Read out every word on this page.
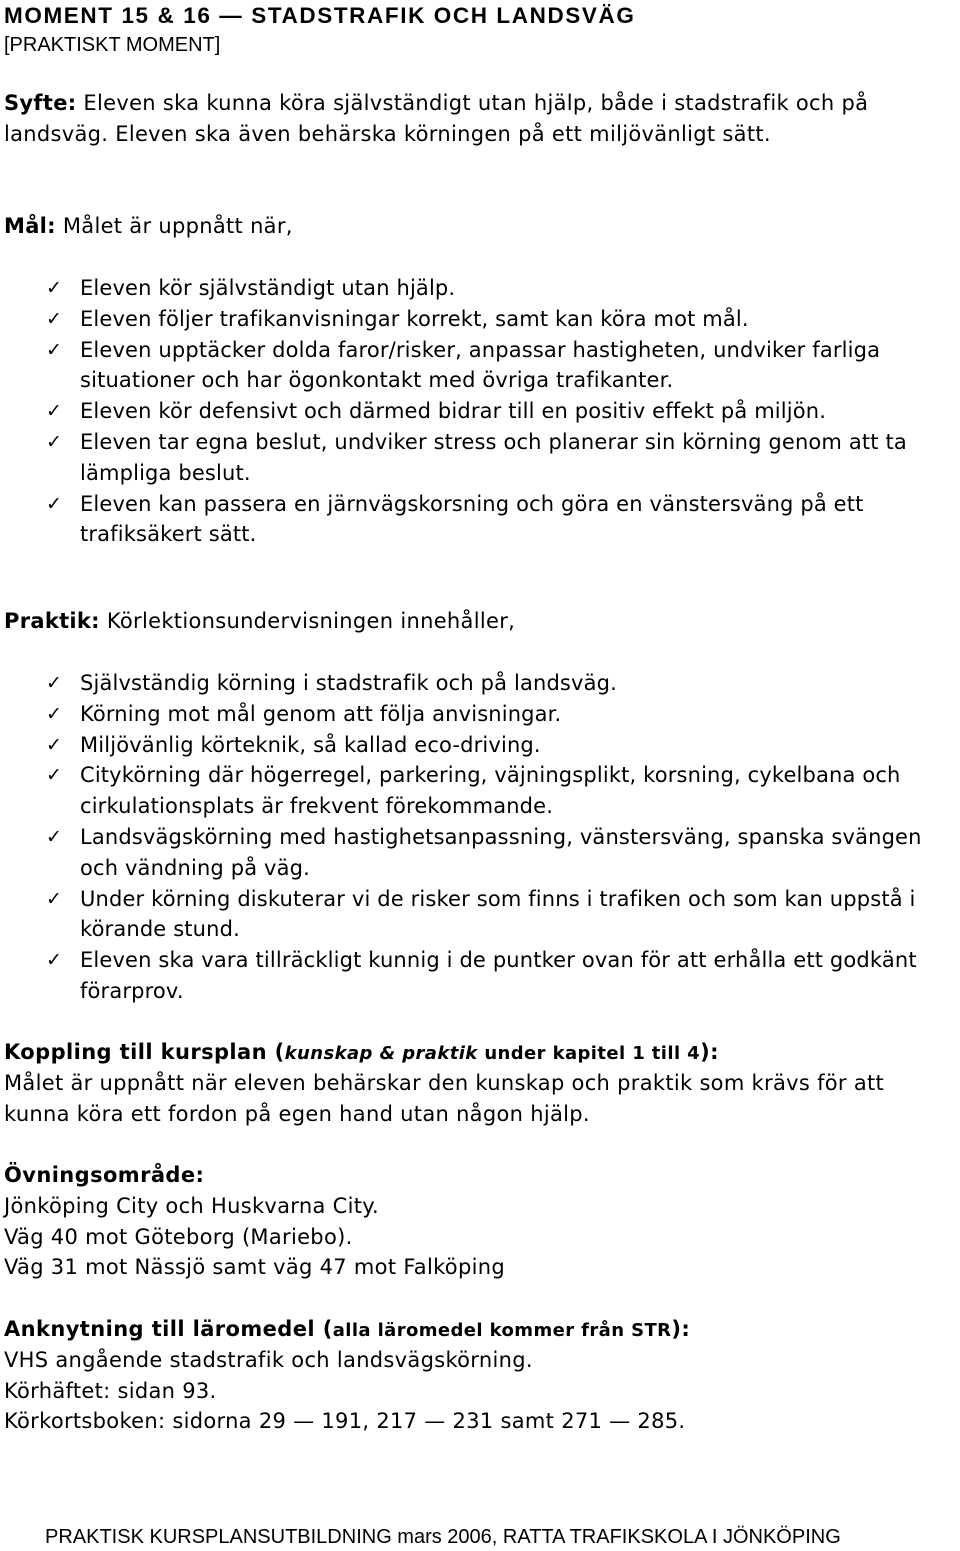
MOMENT 15 & 16 — STADSTRAFIK OCH LANDSVÄG
[PRAKTISKT MOMENT]
Syfte: Eleven ska kunna köra självständigt utan hjälp, både i stadstrafik och på landsväg. Eleven ska även behärska körningen på ett miljövänligt sätt.
Mål: Målet är uppnått när,
✓ Eleven kör självständigt utan hjälp.
✓ Eleven följer trafikanvisningar korrekt, samt kan köra mot mål.
✓ Eleven upptäcker dolda faror/risker, anpassar hastigheten, undviker farliga situationer och har ögonkontakt med övriga trafikanter.
✓ Eleven kör defensivt och därmed bidrar till en positiv effekt på miljön.
✓ Eleven tar egna beslut, undviker stress och planerar sin körning genom att ta lämpliga beslut.
✓ Eleven kan passera en järnvägskorsning och göra en vänstersväng på ett trafiksäkert sätt.
Praktik: Körlektionsundervisningen innehåller,
✓ Självständig körning i stadstrafik och på landsväg.
✓ Körning mot mål genom att följa anvisningar.
✓ Miljövänlig körteknik, så kallad eco-driving.
✓ Citykörning där högerregel, parkering, väjningsplikt, korsning, cykelbana och cirkulationsplats är frekvent förekommande.
✓ Landsvägskörning med hastighetsanpassning, vänstersväng, spanska svängen och vändning på väg.
✓ Under körning diskuterar vi de risker som finns i trafiken och som kan uppstå i körande stund.
✓ Eleven ska vara tillräckligt kunnig i de puntker ovan för att erhålla ett godkänt förarprov.
Koppling till kursplan (kunskap & praktik under kapitel 1 till 4):
Målet är uppnått när eleven behärskar den kunskap och praktik som krävs för att kunna köra ett fordon på egen hand utan någon hjälp.
Övningsområde:
Jönköping City och Huskvarna City.
Väg 40 mot Göteborg (Mariebo).
Väg 31 mot Nässjö samt väg 47 mot Falköping
Anknytning till läromedel (alla läromedel kommer från STR):
VHS angående stadstrafik och landsvägskörning.
Körhäftet: sidan 93.
Körkortsboken: sidorna 29 — 191, 217 — 231 samt 271 — 285.
PRAKTISK KURSPLANSUTBILDNING mars 2006, RATTA TRAFIKSKOLA I JÖNKÖPING
